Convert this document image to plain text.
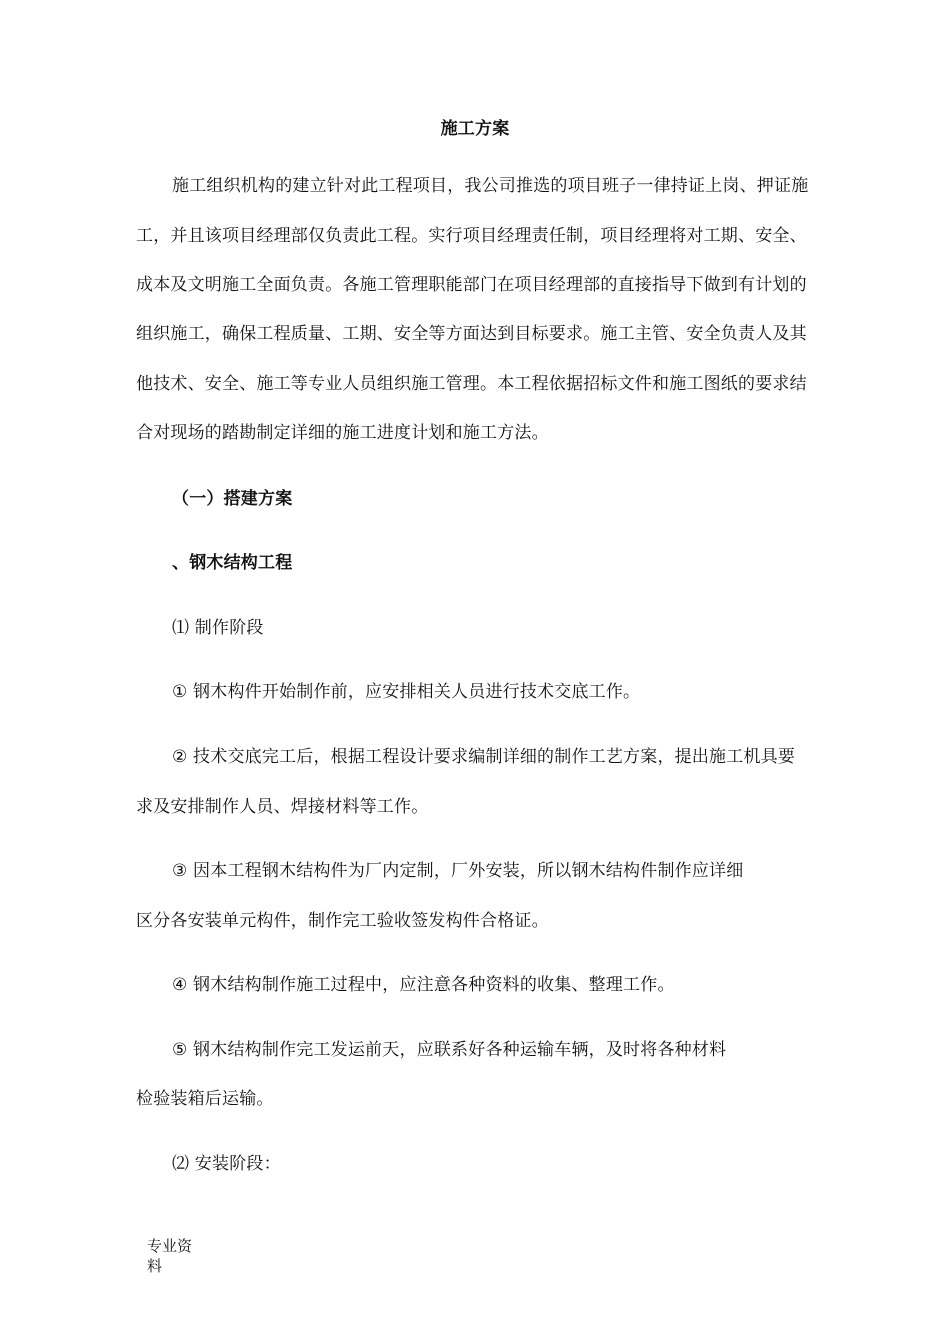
施工方案
施工组织机构的建立针对此工程项目，我公司推选的项目班子一律持证上岗、押证施
工，并且该项目经理部仅负责此工程。实行项目经理责任制，项目经理将对工期、安全、
成本及文明施工全面负责。各施工管理职能部门在项目经理部的直接指导下做到有计划的
组织施工，确保工程质量、工期、安全等方面达到目标要求。施工主管、安全负责人及其
他技术、安全、施工等专业人员组织施工管理。本工程依据招标文件和施工图纸的要求结
合对现场的踏勘制定详细的施工进度计划和施工方法。
（一）搭建方案
、钢木结构工程
⑴ 制作阶段
① 钢木构件开始制作前，应安排相关人员进行技术交底工作。
② 技术交底完工后，根据工程设计要求编制详细的制作工艺方案，提出施工机具要
求及安排制作人员、焊接材料等工作。
③ 因本工程钢木结构件为厂内定制，厂外安装，所以钢木结构件制作应详细
区分各安装单元构件，制作完工验收签发构件合格证。
④ 钢木结构制作施工过程中，应注意各种资料的收集、整理工作。
⑤ 钢木结构制作完工发运前天，应联系好各种运输车辆，及时将各种材料
检验装箱后运输。
⑵ 安装阶段：
专业资
料
